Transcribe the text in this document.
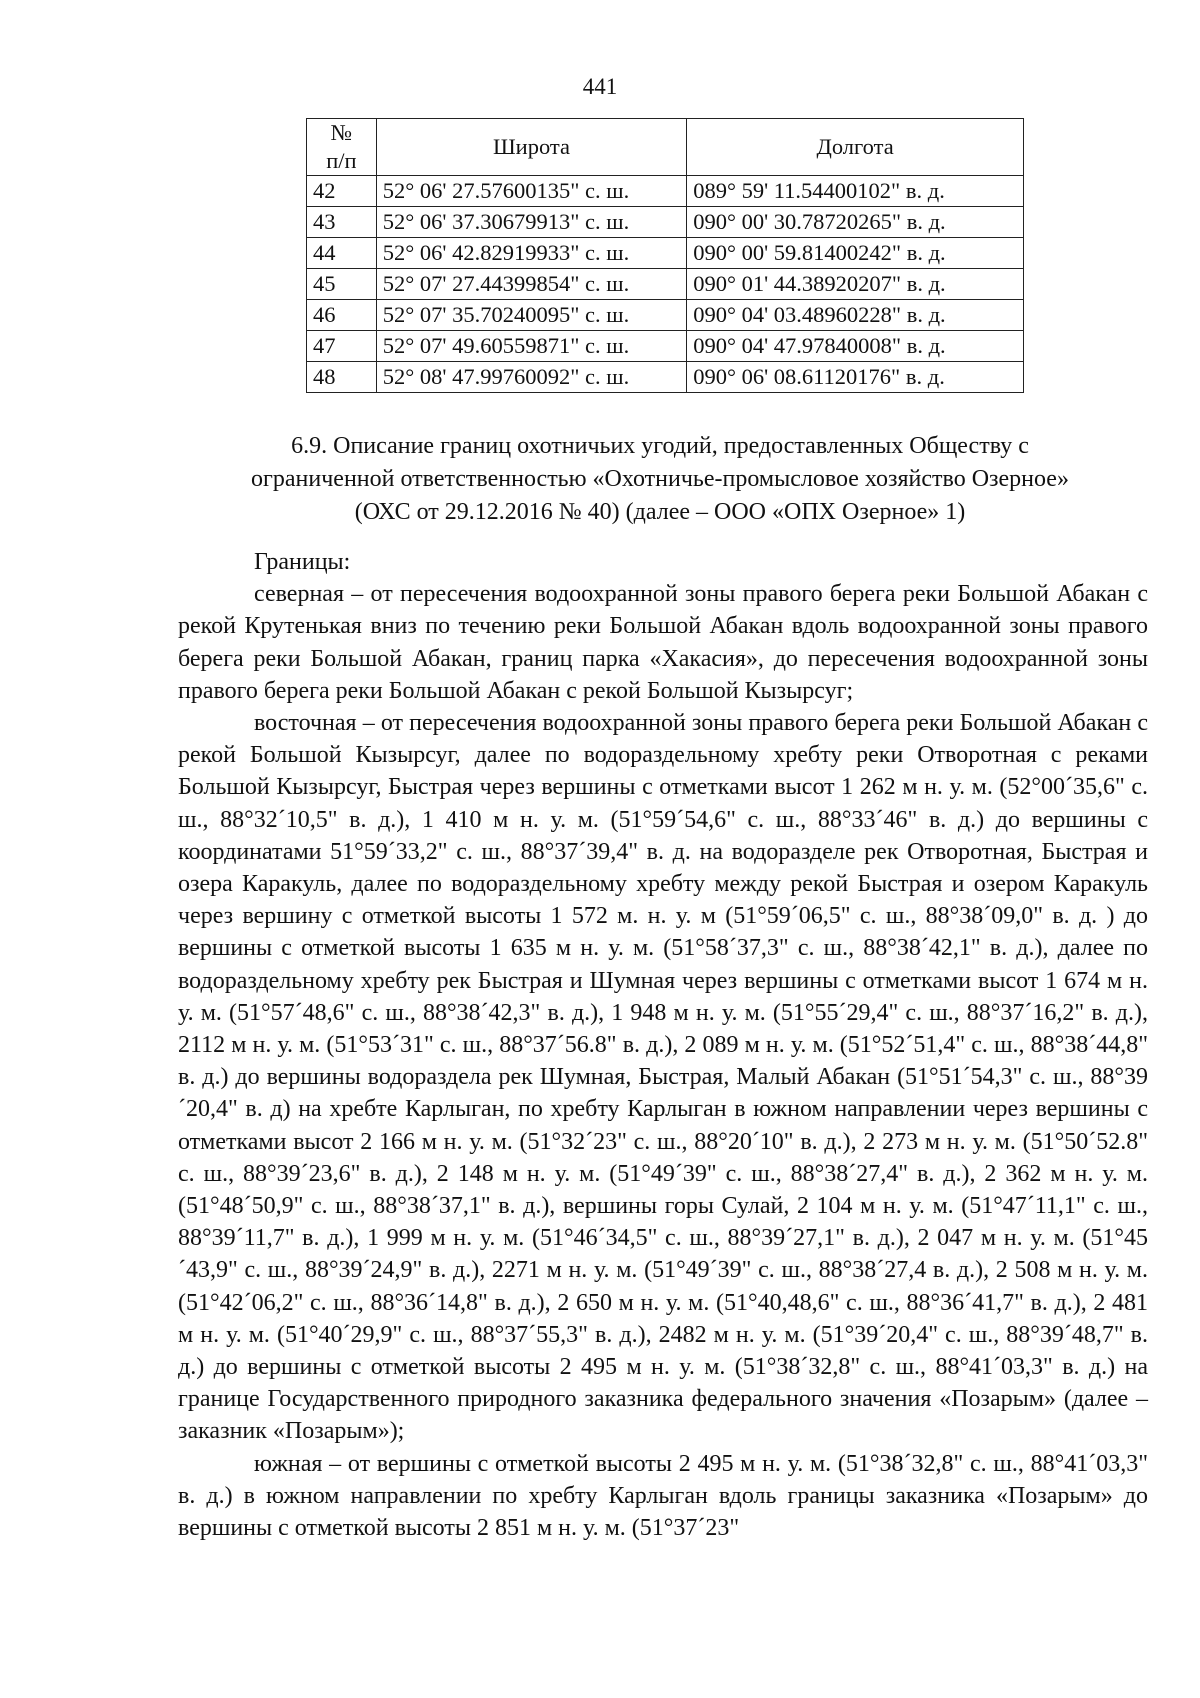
441
№
п/п	Широта	Долгота
42	52° 06' 27.57600135" с. ш.	089° 59' 11.54400102" в. д.
43	52° 06' 37.30679913" с. ш.	090° 00' 30.78720265" в. д.
44	52° 06' 42.82919933" с. ш.	090° 00' 59.81400242" в. д.
45	52° 07' 27.44399854" с. ш.	090° 01' 44.38920207" в. д.
46	52° 07' 35.70240095" с. ш.	090° 04' 03.48960228" в. д.
47	52° 07' 49.60559871" с. ш.	090° 04' 47.97840008" в. д.
48	52° 08' 47.99760092" с. ш.	090° 06' 08.61120176" в. д.
6.9. Описание границ охотничьих угодий, предоставленных Обществу с
ограниченной ответственностью «Охотничье-промысловое хозяйство Озерное»
(ОХС от 29.12.2016 № 40) (далее – ООО «ОПХ Озерное» 1)

Границы:

северная – от пересечения водоохранной зоны правого берега реки Большой Абакан с рекой Крутенькая вниз по течению реки Большой Абакан вдоль водоохранной зоны правого берега реки Большой Абакан, границ парка «Хакасия», до пересечения водоохранной зоны правого берега реки Большой Абакан с рекой Большой Кызырсуг;

восточная – от пересечения водоохранной зоны правого берега реки Большой Абакан с рекой Большой Кызырсуг, далее по водораздельному хребту реки Отворотная с реками Большой Кызырсуг, Быстрая через вершины с отметками высот 1 262 м н. у. м. (52°00´35,6" с. ш., 88°32´10,5" в. д.), 1 410 м н. у. м. (51°59´54,6" с. ш., 88°33´46" в. д.) до вершины с координатами 51°59´33,2" с. ш., 88°37´39,4" в. д. на водоразделе рек Отворотная, Быстрая и озера Каракуль, далее по водораздельному хребту между рекой Быстрая и озером Каракуль через вершину с отметкой высоты 1 572 м. н. у. м (51°59´06,5" с. ш., 88°38´09,0" в. д. ) до вершины с отметкой высоты 1 635 м н. у. м. (51°58´37,3" с. ш., 88°38´42,1" в. д.), далее по водораздельному хребту рек Быстрая и Шумная через вершины с отметками высот 1 674 м н. у. м. (51°57´48,6" с. ш., 88°38´42,3" в. д.), 1 948 м н. у. м. (51°55´29,4" с. ш., 88°37´16,2" в. д.), 2112 м н. у. м. (51°53´31" с. ш., 88°37´56.8" в. д.), 2 089 м н. у. м. (51°52´51,4" с. ш., 88°38´44,8" в. д.) до вершины водораздела рек Шумная, Быстрая, Малый Абакан (51°51´54,3" с. ш., 88°39´20,4" в. д) на хребте Карлыган, по хребту Карлыган в южном направлении через вершины с отметками высот 2 166 м н. у. м. (51°32´23" с. ш., 88°20´10" в. д.), 2 273 м н. у. м. (51°50´52.8" с. ш., 88°39´23,6" в. д.), 2 148 м н. у. м. (51°49´39" с. ш., 88°38´27,4" в. д.), 2 362 м н. у. м. (51°48´50,9" с. ш., 88°38´37,1" в. д.), вершины горы Сулай, 2 104 м н. у. м. (51°47´11,1" с. ш., 88°39´11,7" в. д.), 1 999 м н. у. м. (51°46´34,5" с. ш., 88°39´27,1" в. д.), 2 047 м н. у. м. (51°45´43,9" с. ш., 88°39´24,9" в. д.), 2271 м н. у. м. (51°49´39" с. ш., 88°38´27,4 в. д.), 2 508 м н. у. м. (51°42´06,2" с. ш., 88°36´14,8" в. д.), 2 650 м н. у. м. (51°40,48,6" с. ш., 88°36´41,7" в. д.), 2 481 м н. у. м. (51°40´29,9" с. ш., 88°37´55,3" в. д.), 2482 м н. у. м. (51°39´20,4" с. ш., 88°39´48,7" в. д.) до вершины с отметкой высоты 2 495 м н. у. м. (51°38´32,8" с. ш., 88°41´03,3" в. д.) на границе Государственного природного заказника федерального значения «Позарым» (далее – заказник «Позарым»);

южная – от вершины с отметкой высоты 2 495 м н. у. м. (51°38´32,8" с. ш., 88°41´03,3" в. д.) в южном направлении по хребту Карлыган вдоль границы заказника «Позарым» до вершины с отметкой высоты 2 851 м н. у. м. (51°37´23"
